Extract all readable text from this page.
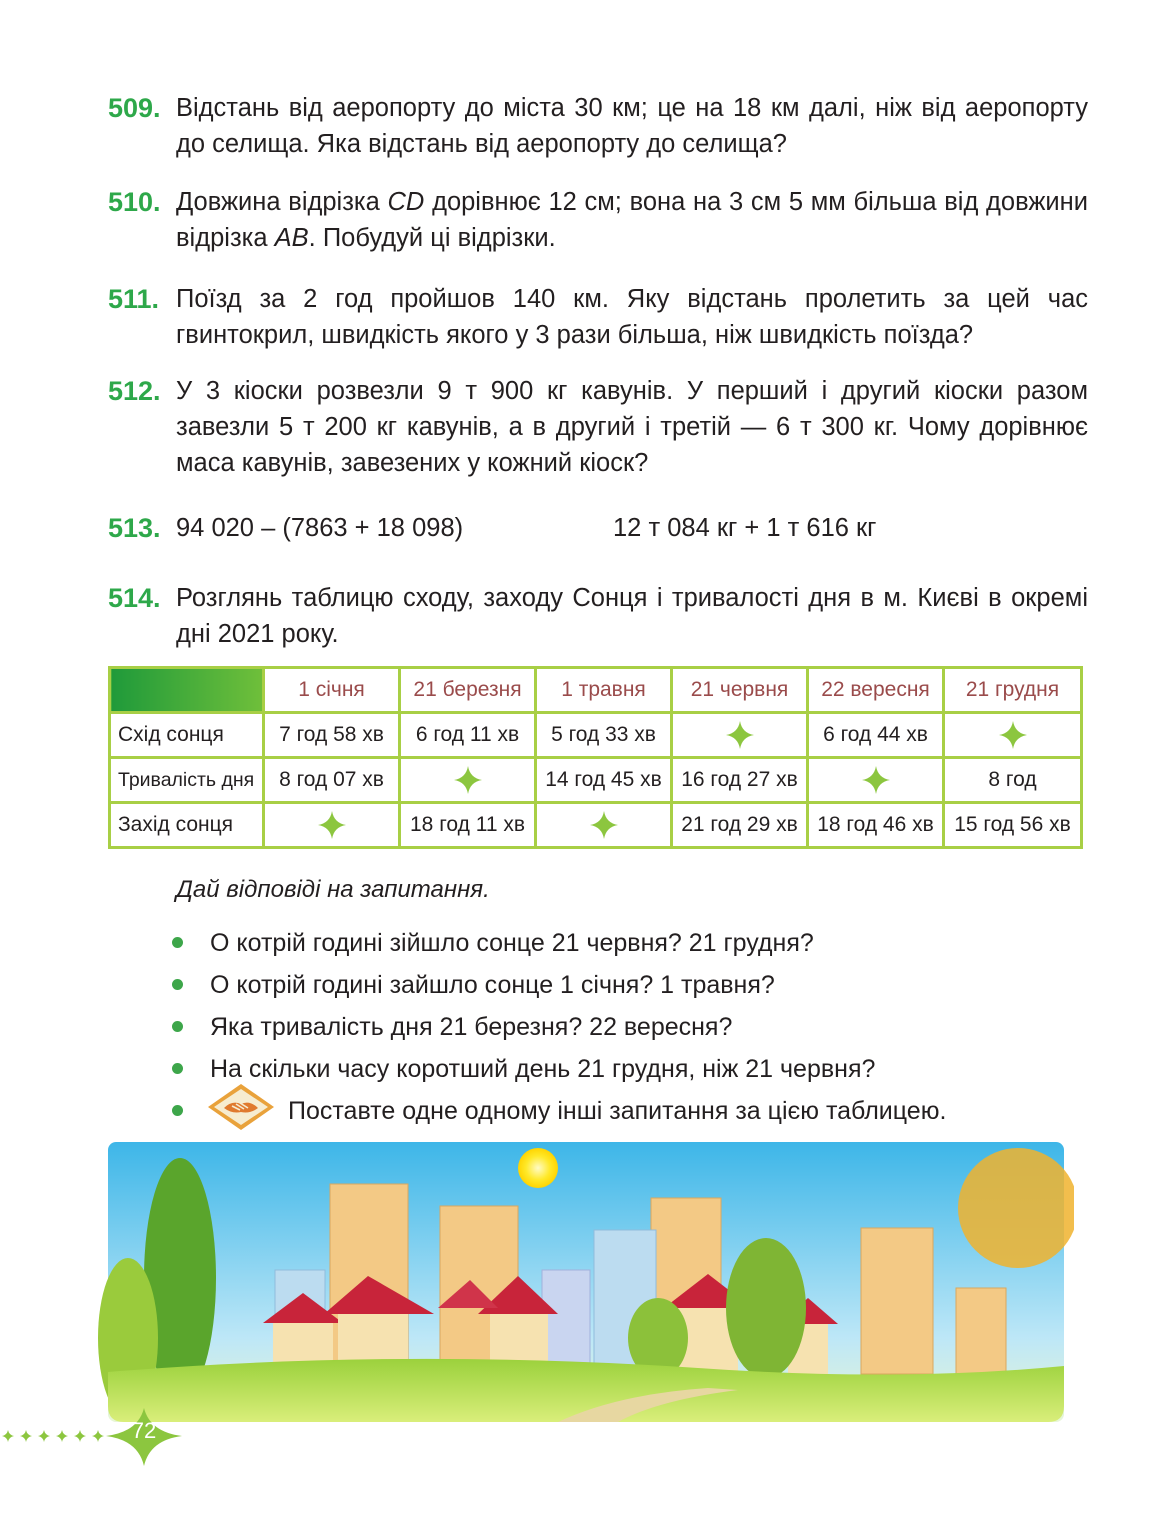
509. Відстань від аеропорту до міста 30 км; це на 18 км далі, ніж від аеропорту до селища. Яка відстань від аеропорту до селища?
510. Довжина відрізка CD дорівнює 12 см; вона на 3 см 5 мм більша від довжини відрізка AB. Побудуй ці відрізки.
511. Поїзд за 2 год пройшов 140 км. Яку відстань пролетить за цей час гвинтокрил, швидкість якого у 3 рази більша, ніж швидкість поїзда?
512. У 3 кіоски розвезли 9 т 900 кг кавунів. У перший і другий кіоски разом завезли 5 т 200 кг кавунів, а в другий і третій — 6 т 300 кг. Чому дорівнює маса кавунів, завезених у кожний кіоск?
513. 94 020 – (7863 + 18 098)	12 т 084 кг + 1 т 616 кг
514. Розглянь таблицю сходу, заходу Сонця і тривалості дня в м. Києві в окремі дні 2021 року.
	1 січня	21 березня	1 травня	21 червня	22 вересня	21 грудня
Схід сонця	7 год 58 хв	6 год 11 хв	5 год 33 хв		6 год 44 хв	
Тривалість дня	8 год 07 хв		14 год 45 хв	16 год 27 хв		8 год
Захід сонця		18 год 11 хв		21 год 29 хв	18 год 46 хв	15 год 56 хв
Дай відповіді на запитання.
О котрій годині зійшло сонце 21 червня? 21 грудня?
О котрій годині зайшло сонце 1 січня? 1 травня?
Яка тривалість дня 21 березня? 22 вересня?
На скільки часу коротший день 21 грудня, ніж 21 червня?
Поставте одне одному інші запитання за цією таблицею.
72
